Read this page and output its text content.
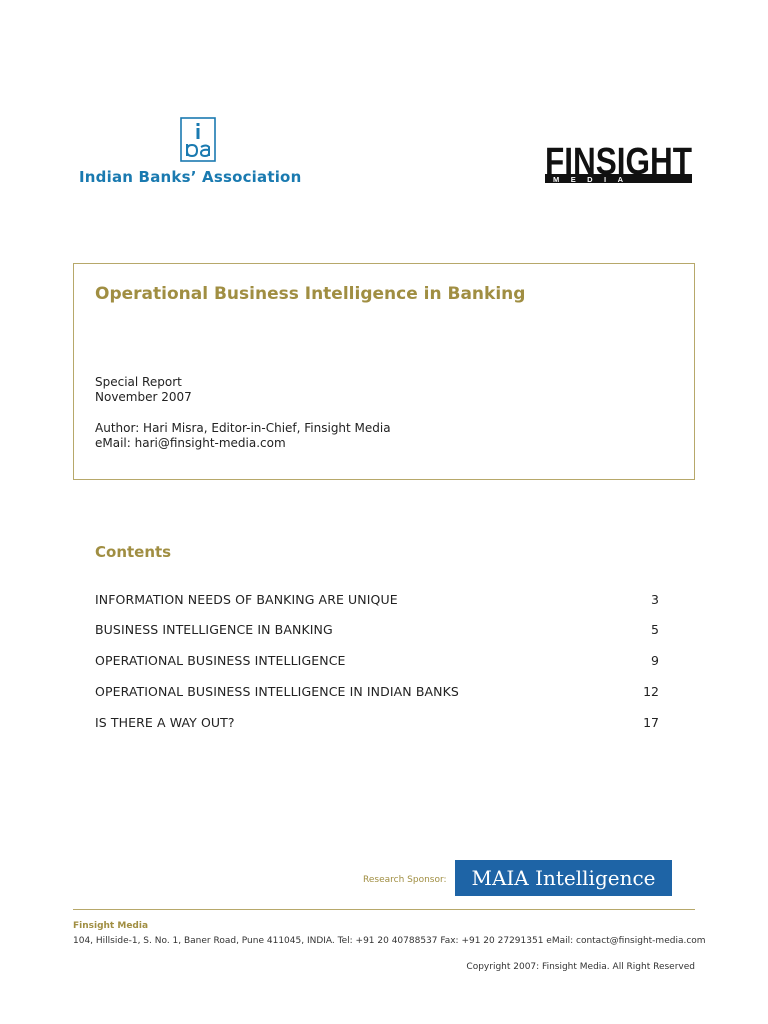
Indian Banks’ Association	FINSIGHT
MEDIA
Operational Business Intelligence in Banking
Special Report
November 2007
Author: Hari Misra, Editor-in-Chief, Finsight Media
eMail: hari@finsight-media.com
Contents
INFORMATION NEEDS OF BANKING ARE UNIQUE	3
BUSINESS INTELLIGENCE IN BANKING	5
OPERATIONAL BUSINESS INTELLIGENCE	9
OPERATIONAL BUSINESS INTELLIGENCE IN INDIAN BANKS	12
IS THERE A WAY OUT?	17
Research Sponsor:	MAIA Intelligence
Finsight Media
104, Hillside-1, S. No. 1, Baner Road, Pune 411045, INDIA. Tel: +91 20 40788537 Fax: +91 20 27291351 eMail: contact@finsight-media.com
Copyright 2007: Finsight Media. All Right Reserved
